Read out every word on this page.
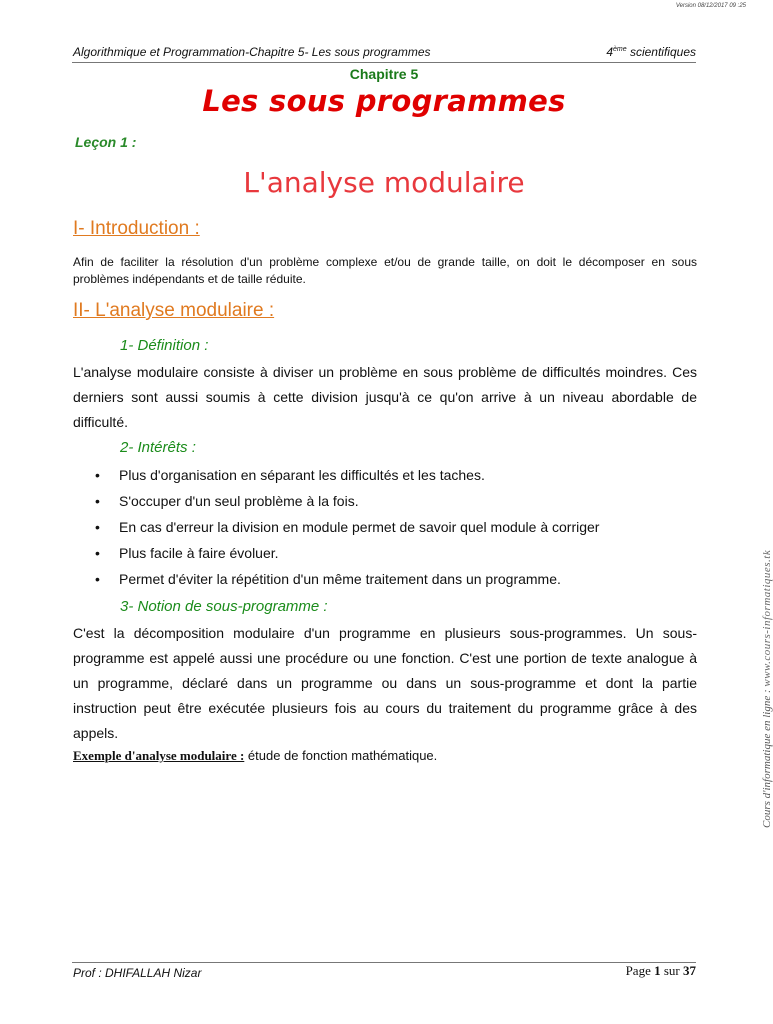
Version 08/12/2017 09 :25
Algorithmique et Programmation-Chapitre 5- Les sous programmes	4ème scientifiques
Chapitre 5
Les sous programmes
Leçon 1 :
L'analyse modulaire
I- Introduction :
Afin de faciliter la résolution d'un problème complexe et/ou de grande taille, on doit le décomposer en sous problèmes indépendants et de taille réduite.
II- L'analyse modulaire :
1- Définition :
L'analyse modulaire consiste à diviser un problème en sous problème de difficultés moindres. Ces derniers sont aussi soumis à cette division jusqu'à ce qu'on arrive à un niveau abordable de difficulté.
2- Intérêts :
• Plus d'organisation en séparant les difficultés et les taches.
• S'occuper d'un seul problème à la fois.
• En cas d'erreur la division en module permet de savoir quel module à corriger
• Plus facile à faire évoluer.
• Permet d'éviter la répétition d'un même traitement dans un programme.
3- Notion de sous-programme :
C'est la décomposition modulaire d'un programme en plusieurs sous-programmes. Un sous-programme est appelé aussi une procédure ou une fonction. C'est une portion de texte analogue à un programme, déclaré dans un programme ou dans un sous-programme et dont la partie instruction peut être exécutée plusieurs fois au cours du traitement du programme grâce à des appels.
Exemple d'analyse modulaire : étude de fonction mathématique.
Prof : DHIFALLAH Nizar	Page 1 sur 37
Cours d'informatique en ligne : www.cours-informatiques.tk
